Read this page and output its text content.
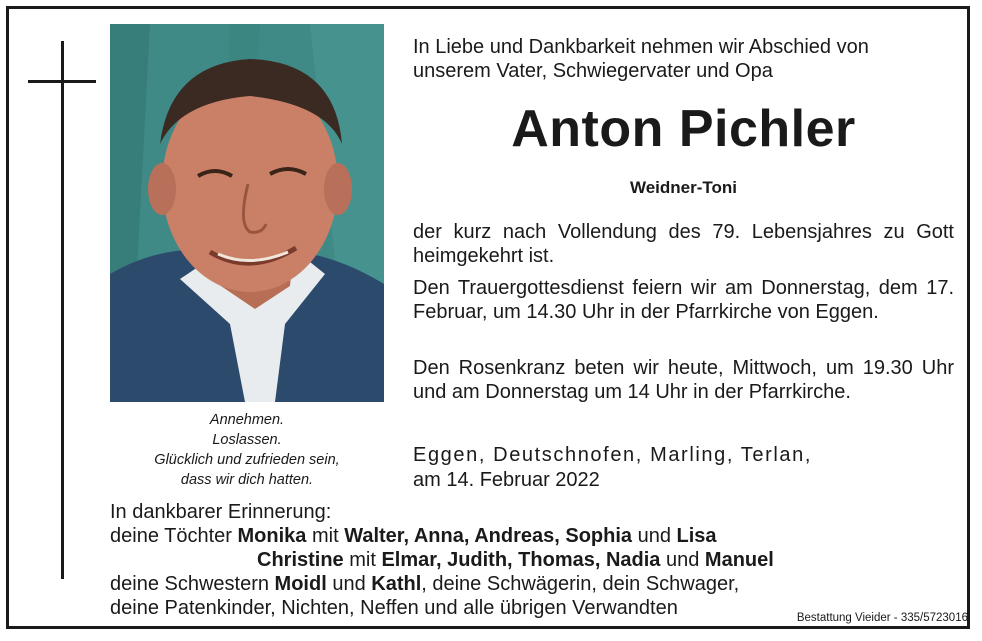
Annehmen.
Loslassen.
Glücklich und zufrieden sein,
dass wir dich hatten.
In Liebe und Dankbarkeit nehmen wir Abschied von
unserem Vater, Schwiegervater und Opa
Anton Pichler
Weidner-Toni
der kurz nach Vollendung des 79. Lebensjahres zu Gott heimgekehrt ist.
Den Trauergottesdienst feiern wir am Donnerstag, dem 17. Februar, um 14.30 Uhr in der Pfarrkirche von Eggen.
Den Rosenkranz beten wir heute, Mittwoch, um 19.30 Uhr und am Donnerstag um 14 Uhr in der Pfarrkirche.
Eggen, Deutschnofen, Marling, Terlan,
am 14. Februar 2022
In dankbarer Erinnerung:
deine Töchter Monika mit Walter, Anna, Andreas, Sophia und Lisa
Christine mit Elmar, Judith, Thomas, Nadia und Manuel
deine Schwestern Moidl und Kathl, deine Schwägerin, dein Schwager,
deine Patenkinder, Nichten, Neffen und alle übrigen Verwandten	Bestattung Vieider - 335/5723016
